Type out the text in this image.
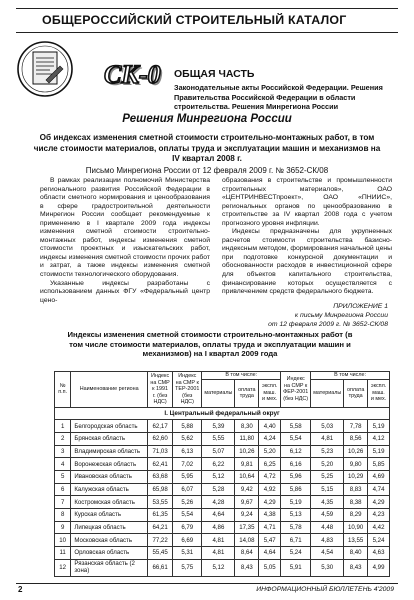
ОБЩЕРОССИЙСКИЙ СТРОИТЕЛЬНЫЙ КАТАЛОГ
СК-0 ОБЩАЯ ЧАСТЬ
Законодательные акты Российской Федерации. Решения Правительства Российской Федерации в области строительства. Решения Минрегиона России
Решения Минрегиона России
Об индексах изменения сметной стоимости строительно-монтажных работ, в том числе стоимости материалов, оплаты труда и эксплуатации машин и механизмов на IV квартал 2008 г.
Письмо Минрегиона России от 12 февраля 2009 г. № 3652-СК/08

В рамках реализации полномочий Министерства регионального развития Российской Федерации в области сметного нормирования и ценообразования в сфере градостроительной деятельности Минрегион России сообщает рекомендуемые к применению в I квартале 2009 года индексы изменения сметной стоимости строительно-монтажных работ, индексы изменения сметной стоимости проектных и изыскательских работ, индексы изменения сметной стоимости прочих работ и затрат, а также индексы изменения сметной стоимости технологического оборудования.

Указанные индексы разработаны с использованием данных ФГУ «Федеральный центр цено-

образования в строительстве и промышленности строительных материалов», ОАО «ЦЕНТРИНВЕСТпроект», ОАО «ПНИИС», региональных органов по ценообразованию в строительстве за IV квартал 2008 года с учетом прогнозного уровня инфляции.

Индексы предназначены для укрупненных расчетов стоимости строительства базисно-индексным методом, формирования начальной цены при подготовке конкурсной документации и обоснованности расходов в инвестиционной сфере для объектов капитального строительства, финансирование которых осуществляется с привлечением средств федерального бюджета.

ПРИЛОЖЕНИЕ 1
к письму Минрегиона России
от 12 февраля 2009 г. № 3652-СК/08
Индексы изменения сметной стоимости строительно-монтажных работ (в том числе стоимости материалов, оплаты труда и эксплуатации машин и механизмов) на I квартал 2009 года
№ п.п.	Наименование региона	Индекс на СМР к 1991 г. (без НДС)	Индекс на СМР к ТЕР-2001 (без НДС)	В том числе:			Индекс на СМР к ФЕР-2001 (без НДС)	В том числе:		
				материалы	оплата труда	экспл. маш. и мех.		материалы	оплата труда	экспл. маш. и мех.
I. Центральный федеральный округ										
1	Белгородская область	62,17	5,88	5,39	8,30	4,40	5,58	5,03	7,78	5,19
2	Брянская область	62,60	5,62	5,55	11,80	4,24	5,54	4,81	8,56	4,12
3	Владимирская область	71,03	6,13	5,07	10,26	5,20	6,12	5,23	10,26	5,19
4	Воронежская область	62,41	7,02	6,22	9,81	6,25	6,16	5,20	9,80	5,85
5	Ивановская область	63,68	5,95	5,12	10,64	4,72	5,96	5,25	10,29	4,69
6	Калужская область	65,98	6,07	5,28	9,42	4,92	5,86	5,15	8,83	4,74
7	Костромская область	53,55	5,26	4,28	9,67	4,29	5,19	4,35	8,38	4,29
8	Курская область	61,35	5,54	4,64	9,24	4,38	5,13	4,59	8,29	4,23
9	Липецкая область	64,21	6,79	4,86	17,35	4,71	5,78	4,48	10,90	4,42
10	Московская область	77,22	6,69	4,81	14,08	5,47	6,71	4,83	13,55	5,24
11	Орловская область	55,45	5,31	4,81	8,64	4,64	5,24	4,54	8,40	4,63
12	Рязанская область (2 зона)	66,61	5,75	5,12	8,43	5,05	5,91	5,30	8,43	4,99
2	ИНФОРМАЦИОННЫЙ БЮЛЛЕТЕНЬ 4'2009
